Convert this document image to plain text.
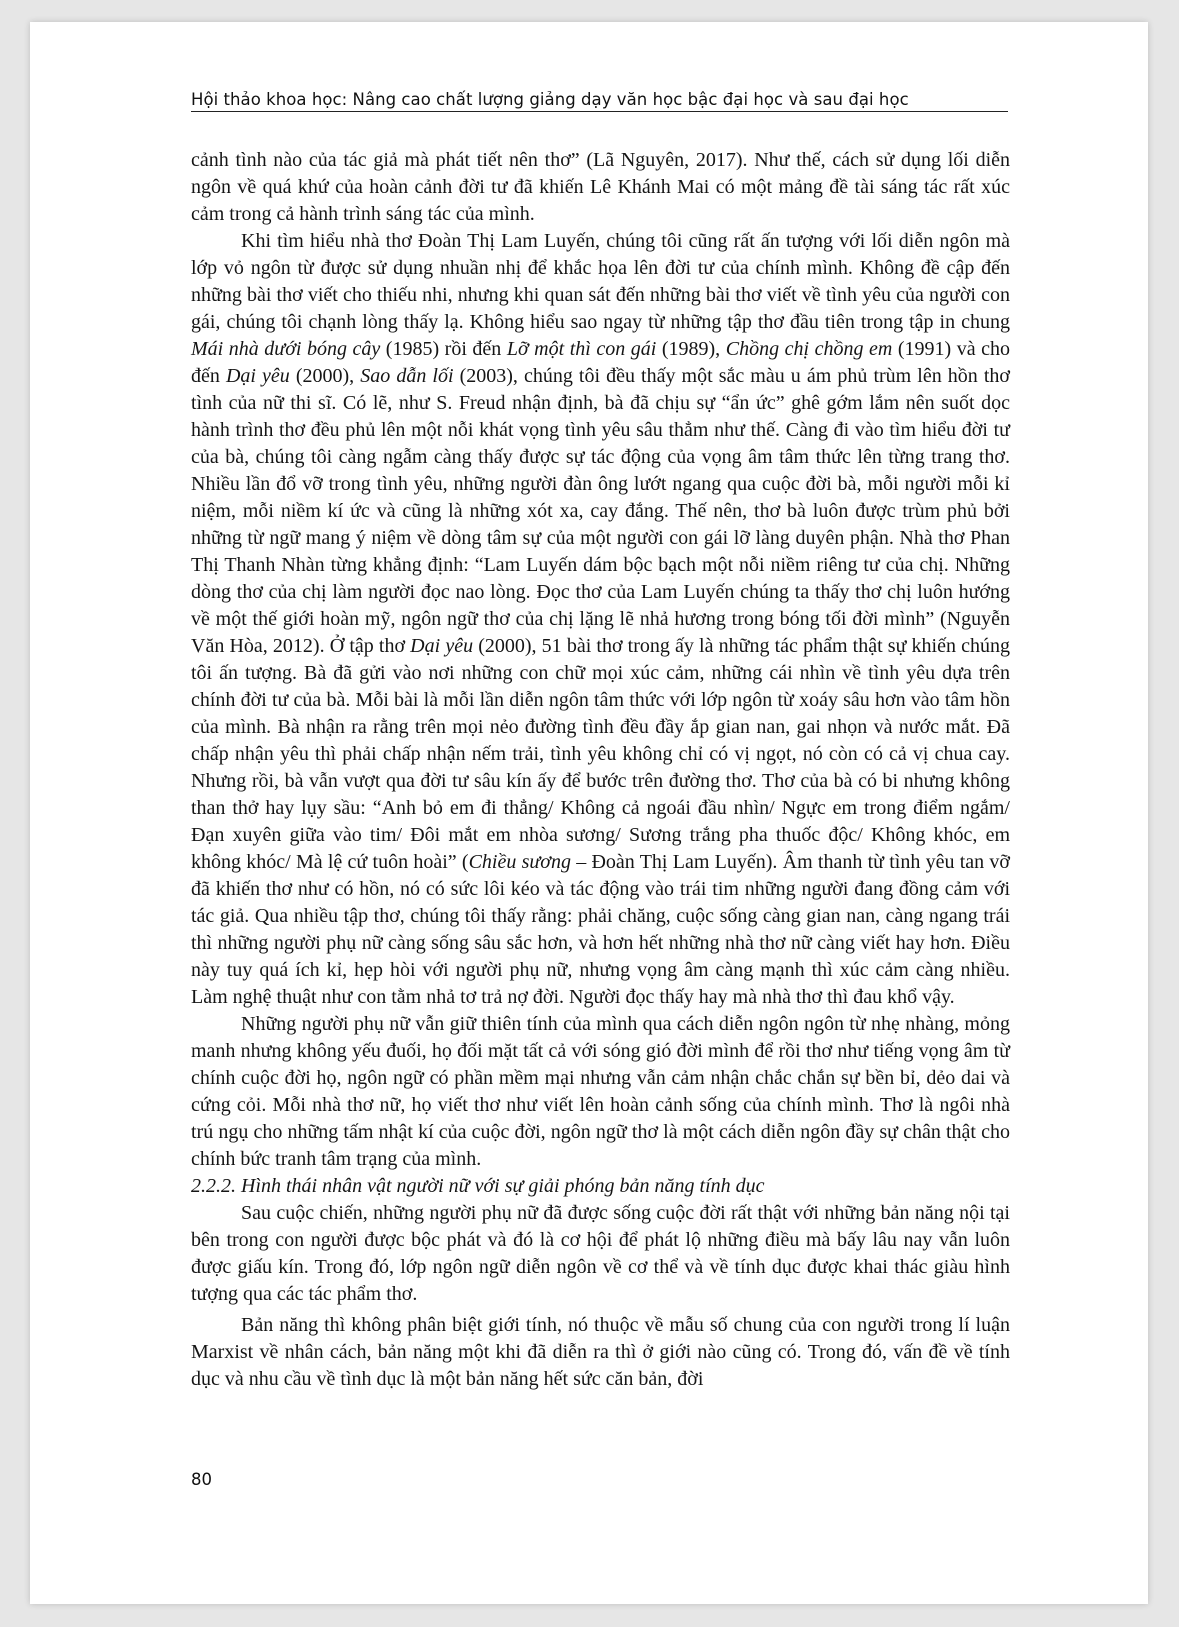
Hội thảo khoa học: Nâng cao chất lượng giảng dạy văn học bậc đại học và sau đại học

cảnh tình nào của tác giả mà phát tiết nên thơ” (Lã Nguyên, 2017). Như thế, cách sử dụng lối diễn ngôn về quá khứ của hoàn cảnh đời tư đã khiến Lê Khánh Mai có một mảng đề tài sáng tác rất xúc cảm trong cả hành trình sáng tác của mình.

Khi tìm hiểu nhà thơ Đoàn Thị Lam Luyến, chúng tôi cũng rất ấn tượng với lối diễn ngôn mà lớp vỏ ngôn từ được sử dụng nhuần nhị để khắc họa lên đời tư của chính mình. Không đề cập đến những bài thơ viết cho thiếu nhi, nhưng khi quan sát đến những bài thơ viết về tình yêu của người con gái, chúng tôi chạnh lòng thấy lạ. Không hiểu sao ngay từ những tập thơ đầu tiên trong tập in chung Mái nhà dưới bóng cây (1985) rồi đến Lỡ một thì con gái (1989), Chồng chị chồng em (1991) và cho đến Dại yêu (2000), Sao dẫn lối (2003), chúng tôi đều thấy một sắc màu u ám phủ trùm lên hồn thơ tình của nữ thi sĩ. Có lẽ, như S. Freud nhận định, bà đã chịu sự “ẩn ức” ghê gớm lắm nên suốt dọc hành trình thơ đều phủ lên một nỗi khát vọng tình yêu sâu thẳm như thế. Càng đi vào tìm hiểu đời tư của bà, chúng tôi càng ngẫm càng thấy được sự tác động của vọng âm tâm thức lên từng trang thơ. Nhiều lần đổ vỡ trong tình yêu, những người đàn ông lướt ngang qua cuộc đời bà, mỗi người mỗi kỉ niệm, mỗi niềm kí ức và cũng là những xót xa, cay đắng. Thế nên, thơ bà luôn được trùm phủ bởi những từ ngữ mang ý niệm về dòng tâm sự của một người con gái lỡ làng duyên phận. Nhà thơ Phan Thị Thanh Nhàn từng khẳng định: “Lam Luyến dám bộc bạch một nỗi niềm riêng tư của chị. Những dòng thơ của chị làm người đọc nao lòng. Đọc thơ của Lam Luyến chúng ta thấy thơ chị luôn hướng về một thế giới hoàn mỹ, ngôn ngữ thơ của chị lặng lẽ nhả hương trong bóng tối đời mình” (Nguyễn Văn Hòa, 2012). Ở tập thơ Dại yêu (2000), 51 bài thơ trong ấy là những tác phẩm thật sự khiến chúng tôi ấn tượng. Bà đã gửi vào nơi những con chữ mọi xúc cảm, những cái nhìn về tình yêu dựa trên chính đời tư của bà. Mỗi bài là mỗi lần diễn ngôn tâm thức với lớp ngôn từ xoáy sâu hơn vào tâm hồn của mình. Bà nhận ra rằng trên mọi nẻo đường tình đều đầy ắp gian nan, gai nhọn và nước mắt. Đã chấp nhận yêu thì phải chấp nhận nếm trải, tình yêu không chỉ có vị ngọt, nó còn có cả vị chua cay. Nhưng rồi, bà vẫn vượt qua đời tư sâu kín ấy để bước trên đường thơ. Thơ của bà có bi nhưng không than thở hay lụy sầu: “Anh bỏ em đi thẳng/ Không cả ngoái đầu nhìn/ Ngực em trong điểm ngắm/ Đạn xuyên giữa vào tim/ Đôi mắt em nhòa sương/ Sương trắng pha thuốc độc/ Không khóc, em không khóc/ Mà lệ cứ tuôn hoài” (Chiều sương – Đoàn Thị Lam Luyến). Âm thanh từ tình yêu tan vỡ đã khiến thơ như có hồn, nó có sức lôi kéo và tác động vào trái tim những người đang đồng cảm với tác giả. Qua nhiều tập thơ, chúng tôi thấy rằng: phải chăng, cuộc sống càng gian nan, càng ngang trái thì những người phụ nữ càng sống sâu sắc hơn, và hơn hết những nhà thơ nữ càng viết hay hơn. Điều này tuy quá ích kỉ, hẹp hòi với người phụ nữ, nhưng vọng âm càng mạnh thì xúc cảm càng nhiều. Làm nghệ thuật như con tằm nhả tơ trả nợ đời. Người đọc thấy hay mà nhà thơ thì đau khổ vậy.

Những người phụ nữ vẫn giữ thiên tính của mình qua cách diễn ngôn ngôn từ nhẹ nhàng, mỏng manh nhưng không yếu đuối, họ đối mặt tất cả với sóng gió đời mình để rồi thơ như tiếng vọng âm từ chính cuộc đời họ, ngôn ngữ có phần mềm mại nhưng vẫn cảm nhận chắc chắn sự bền bỉ, dẻo dai và cứng cỏi. Mỗi nhà thơ nữ, họ viết thơ như viết lên hoàn cảnh sống của chính mình. Thơ là ngôi nhà trú ngụ cho những tấm nhật kí của cuộc đời, ngôn ngữ thơ là một cách diễn ngôn đầy sự chân thật cho chính bức tranh tâm trạng của mình.

2.2.2. Hình thái nhân vật người nữ với sự giải phóng bản năng tính dục

Sau cuộc chiến, những người phụ nữ đã được sống cuộc đời rất thật với những bản năng nội tại bên trong con người được bộc phát và đó là cơ hội để phát lộ những điều mà bấy lâu nay vẫn luôn được giấu kín. Trong đó, lớp ngôn ngữ diễn ngôn về cơ thể và về tính dục được khai thác giàu hình tượng qua các tác phẩm thơ.

Bản năng thì không phân biệt giới tính, nó thuộc về mẫu số chung của con người trong lí luận Marxist về nhân cách, bản năng một khi đã diễn ra thì ở giới nào cũng có. Trong đó, vấn đề về tính dục và nhu cầu về tình dục là một bản năng hết sức căn bản, đời

80
